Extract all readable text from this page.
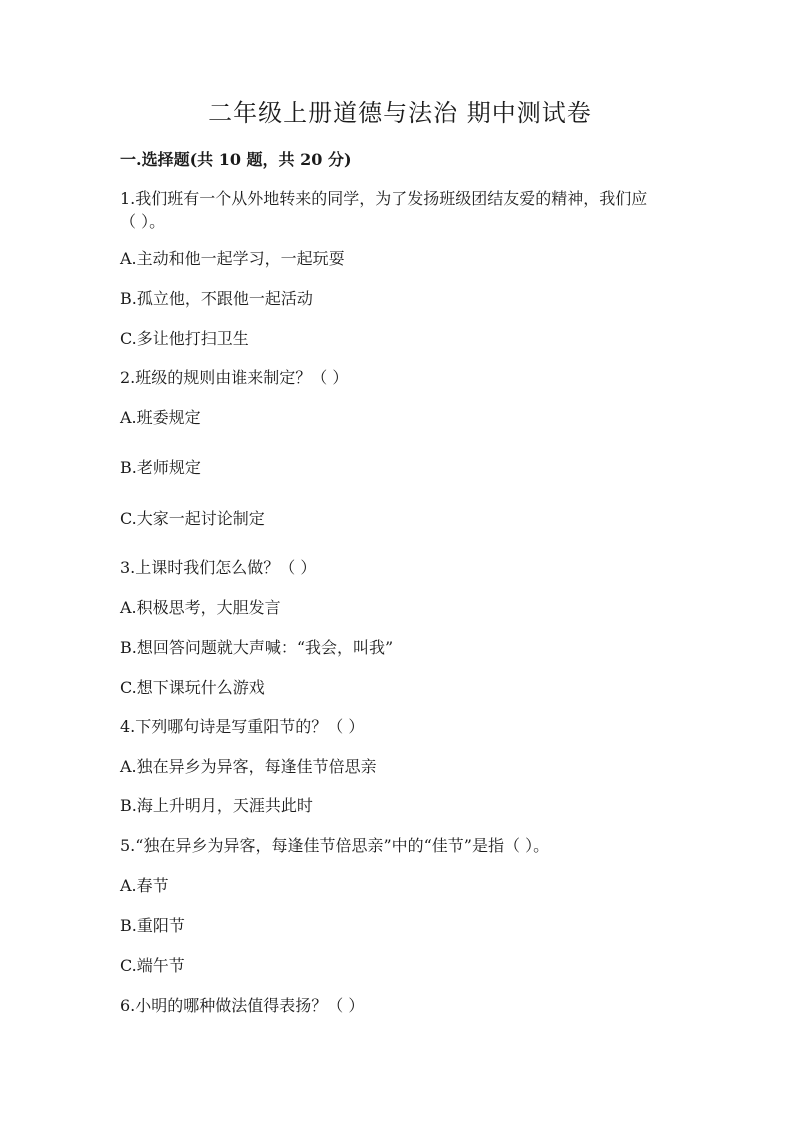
二年级上册道德与法治 期中测试卷
一.选择题(共 10 题，共 20 分)
1.我们班有一个从外地转来的同学，为了发扬班级团结友爱的精神，我们应
（ ）。
A.主动和他一起学习，一起玩耍
B.孤立他，不跟他一起活动
C.多让他打扫卫生
2.班级的规则由谁来制定？（ ）
A.班委规定
B.老师规定
C.大家一起讨论制定
3.上课时我们怎么做？（ ）
A.积极思考，大胆发言
B.想回答问题就大声喊：“我会，叫我”
C.想下课玩什么游戏
4.下列哪句诗是写重阳节的？（ ）
A.独在异乡为异客，每逢佳节倍思亲
B.海上升明月，天涯共此时
5.“独在异乡为异客，每逢佳节倍思亲”中的“佳节”是指（ ）。
A.春节
B.重阳节
C.端午节
6.小明的哪种做法值得表扬？（ ）
